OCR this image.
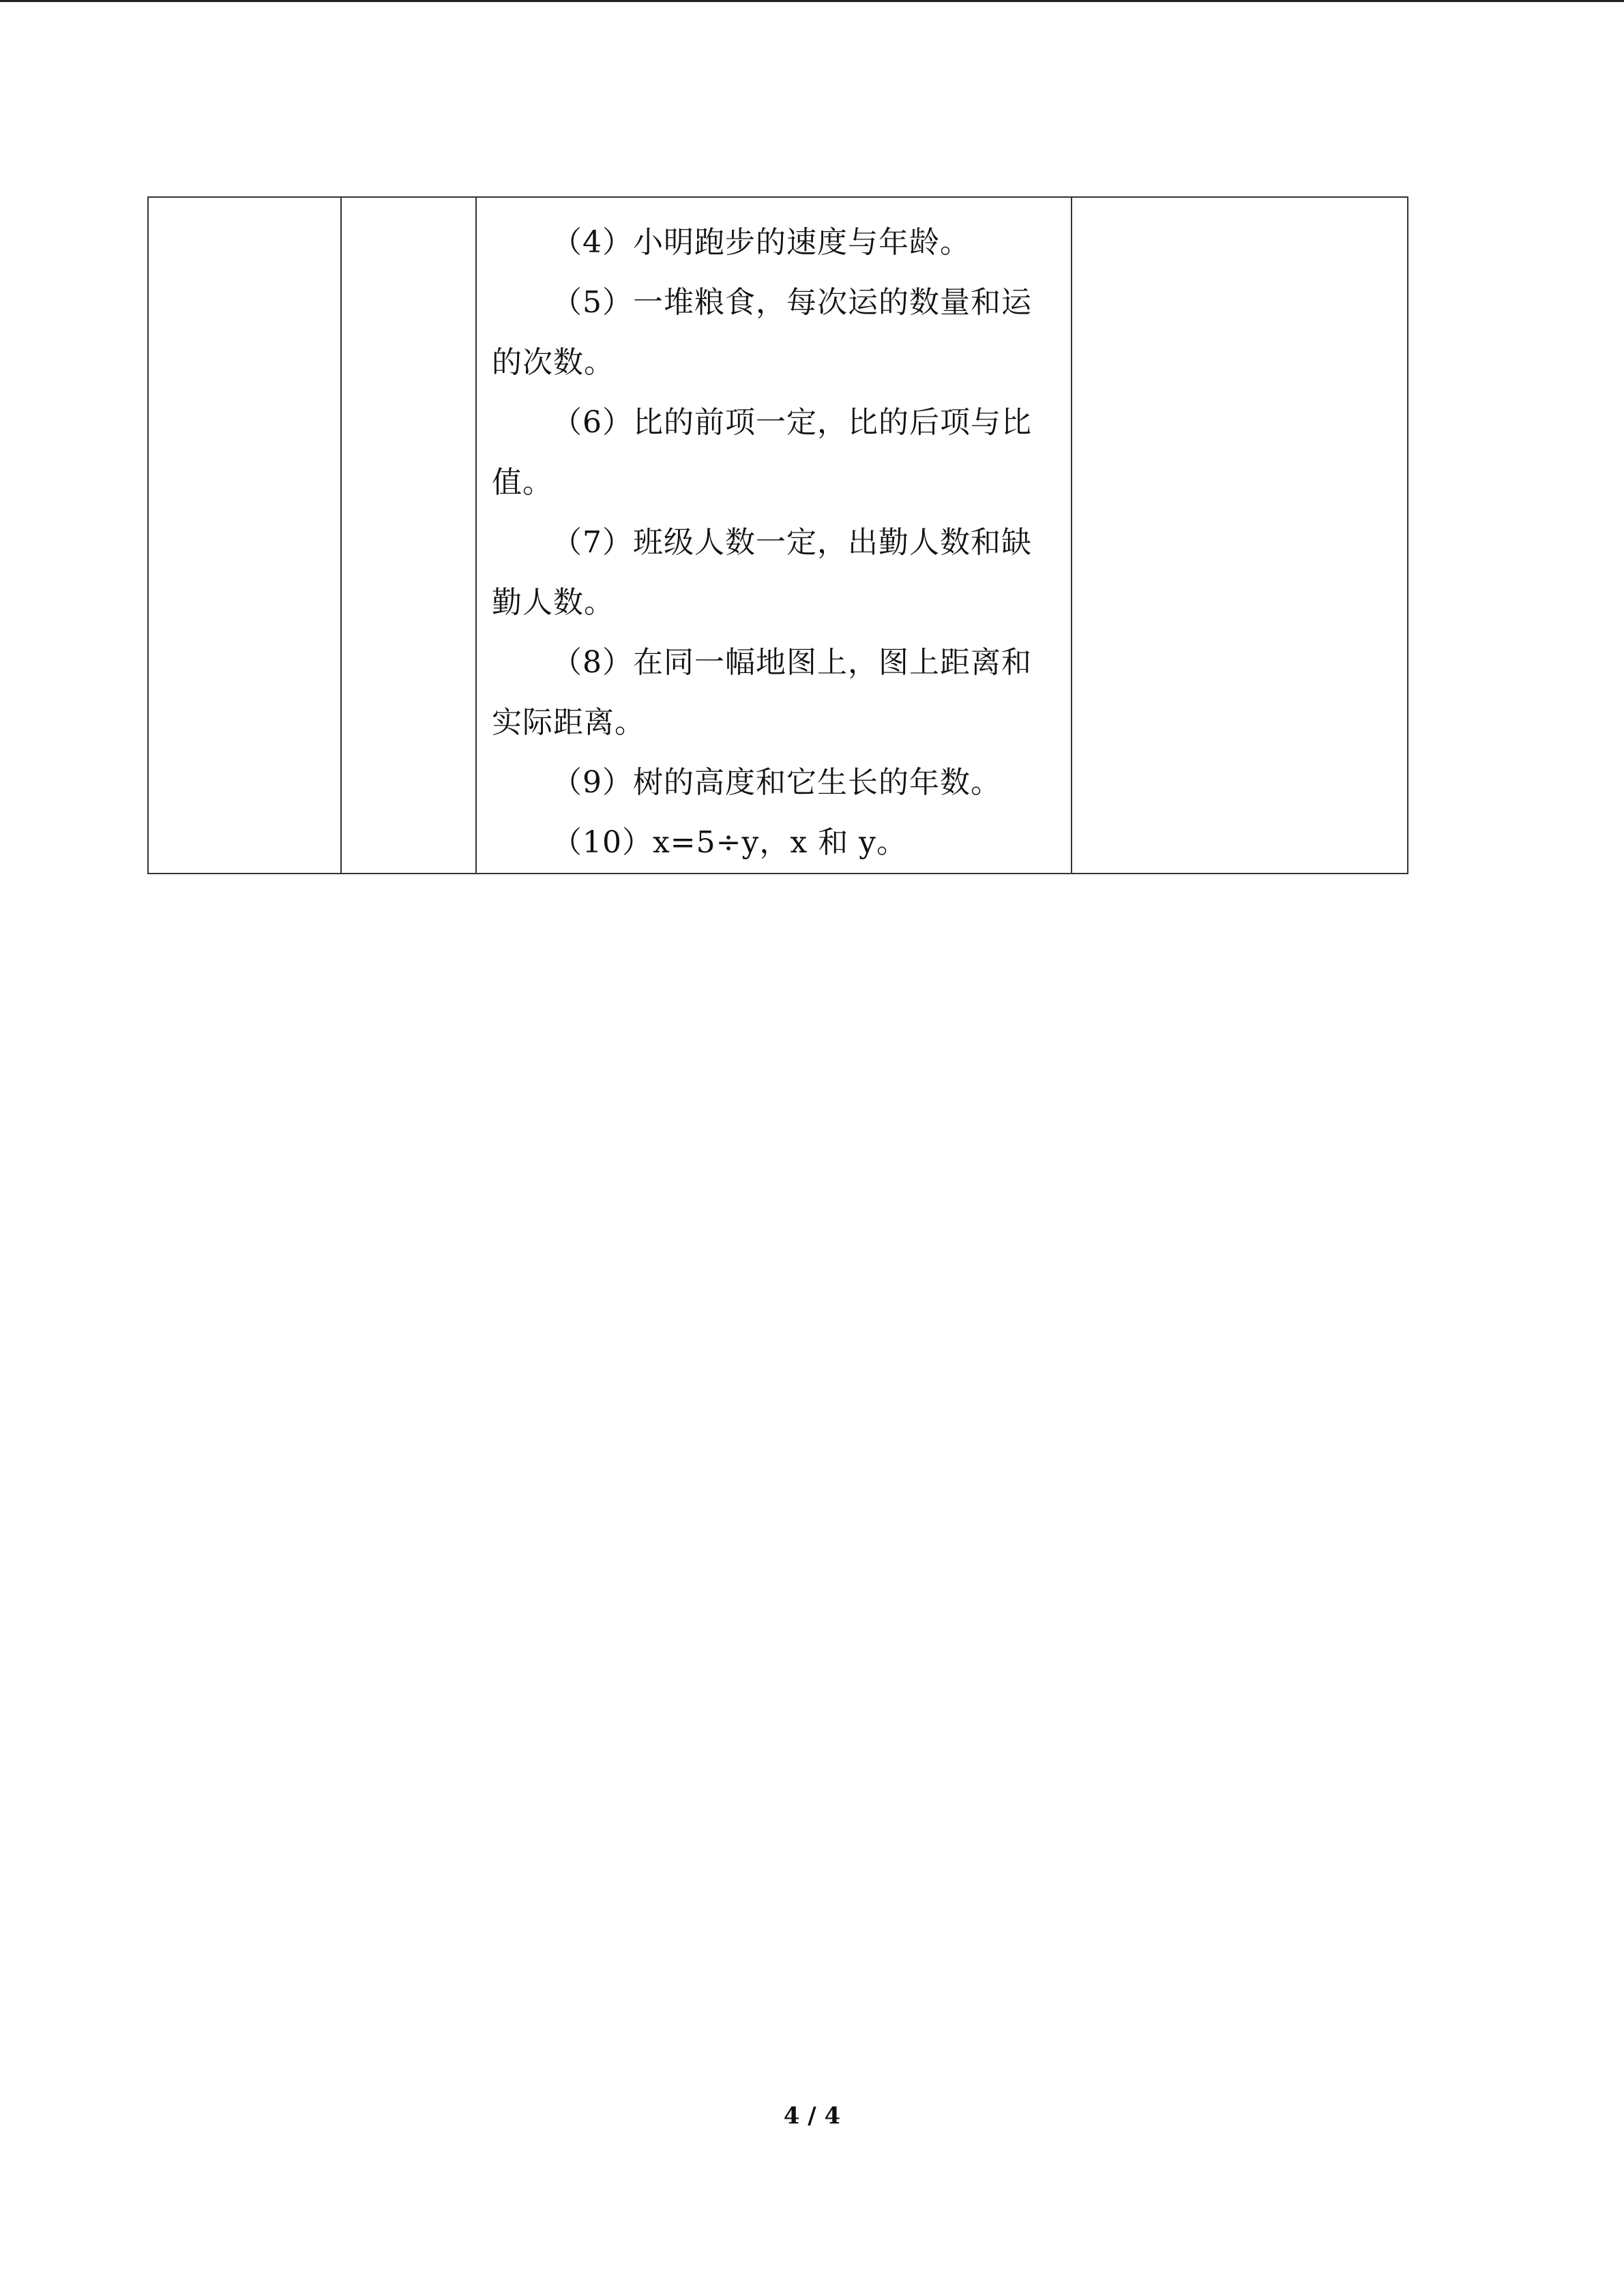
（4）小明跑步的速度与年龄。

（5）一堆粮食，每次运的数量和运的次数。

（6）比的前项一定，比的后项与比值。

（7）班级人数一定，出勤人数和缺勤人数。

（8）在同一幅地图上，图上距离和实际距离。

（9）树的高度和它生长的年数。

（10）x=5÷y，x 和 y。

4 / 4
